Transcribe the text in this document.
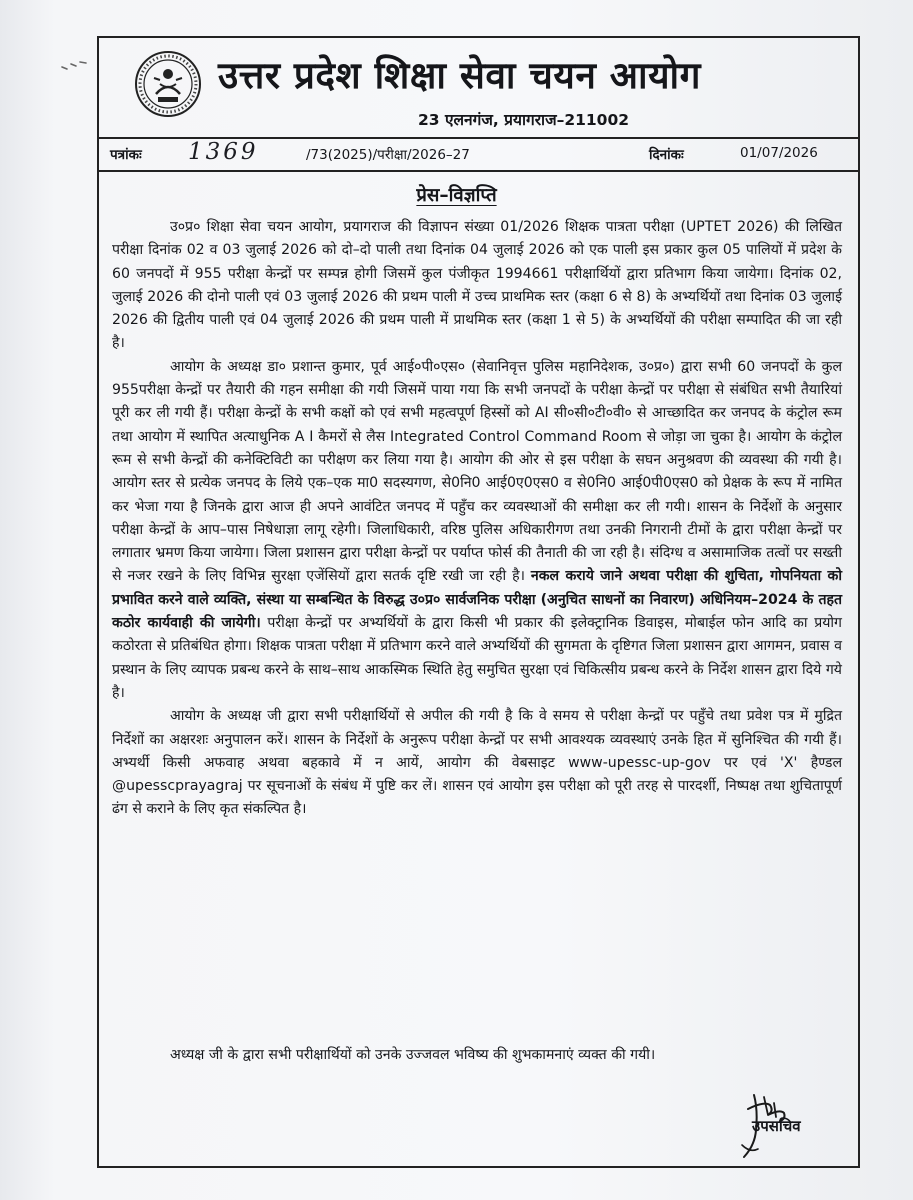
उत्तर प्रदेश शिक्षा सेवा चयन आयोग
23 एलनगंज, प्रयागराज–211002
पत्रांकः 1369	/73(2025)/परीक्षा/2026–27	दिनांकः	01/07/2026
प्रेस–विज्ञप्ति

उ०प्र० शिक्षा सेवा चयन आयोग, प्रयागराज की विज्ञापन संख्या 01/2026 शिक्षक पात्रता परीक्षा (UPTET 2026) की लिखित परीक्षा दिनांक 02 व 03 जुलाई 2026 को दो–दो पाली तथा दिनांक 04 जुलाई 2026 को एक पाली इस प्रकार कुल 05 पालियों में प्रदेश के 60 जनपदों में 955 परीक्षा केन्द्रों पर सम्पन्न होगी जिसमें कुल पंजीकृत 1994661 परीक्षार्थियों द्वारा प्रतिभाग किया जायेगा। दिनांक 02, जुलाई 2026 की दोनो पाली एवं 03 जुलाई 2026 की प्रथम पाली में उच्च प्राथमिक स्तर (कक्षा 6 से 8) के अभ्यर्थियों तथा दिनांक 03 जुलाई 2026 की द्वितीय पाली एवं 04 जुलाई 2026 की प्रथम पाली में प्राथमिक स्तर (कक्षा 1 से 5) के अभ्यर्थियों की परीक्षा सम्पादित की जा रही है।

आयोग के अध्यक्ष डा० प्रशान्त कुमार, पूर्व आई०पी०एस० (सेवानिवृत्त पुलिस महानिदेशक, उ०प्र०) द्वारा सभी 60 जनपदों के कुल 955परीक्षा केन्द्रों पर तैयारी की गहन समीक्षा की गयी जिसमें पाया गया कि सभी जनपदों के परीक्षा केन्द्रों पर परीक्षा से संबंधित सभी तैयारियां पूरी कर ली गयी हैं। परीक्षा केन्द्रों के सभी कक्षों को एवं सभी महत्वपूर्ण हिस्सों को AI सी०सी०टी०वी० से आच्छादित कर जनपद के कंट्रोल रूम तथा आयोग में स्थापित अत्याधुनिक A I कैमरों से लैस Integrated Control Command Room से जोड़ा जा चुका है। आयोग के कंट्रोल रूम से सभी केन्द्रों की कनेक्टिविटी का परीक्षण कर लिया गया है। आयोग की ओर से इस परीक्षा के सघन अनुश्रवण की व्यवस्था की गयी है। आयोग स्तर से प्रत्येक जनपद के लिये एक–एक मा0 सदस्यगण, से0नि0 आई0ए0एस0 व से0नि0 आई0पी0एस0 को प्रेक्षक के रूप में नामित कर भेजा गया है जिनके द्वारा आज ही अपने आवंटित जनपद में पहुँच कर व्यवस्थाओं की समीक्षा कर ली गयी। शासन के निर्देशों के अनुसार परीक्षा केन्द्रों के आप–पास निषेधाज्ञा लागू रहेगी। जिलाधिकारी, वरिष्ठ पुलिस अधिकारीगण तथा उनकी निगरानी टीमों के द्वारा परीक्षा केन्द्रों पर लगातार भ्रमण किया जायेगा। जिला प्रशासन द्वारा परीक्षा केन्द्रों पर पर्याप्त फोर्स की तैनाती की जा रही है। संदिग्ध व असामाजिक तत्वों पर सख्ती से नजर रखने के लिए विभिन्न सुरक्षा एजेंसियों द्वारा सतर्क दृष्टि रखी जा रही है। नकल कराये जाने अथवा परीक्षा की शुचिता, गोपनियता को प्रभावित करने वाले व्यक्ति, संस्था या सम्बन्धित के विरुद्ध उ०प्र० सार्वजनिक परीक्षा (अनुचित साधनों का निवारण) अधिनियम–2024 के तहत कठोर कार्यवाही की जायेगी। परीक्षा केन्द्रों पर अभ्यर्थियों के द्वारा किसी भी प्रकार की इलेक्ट्रानिक डिवाइस, मोबाईल फोन आदि का प्रयोग कठोरता से प्रतिबंधित होगा। शिक्षक पात्रता परीक्षा में प्रतिभाग करने वाले अभ्यर्थियों की सुगमता के दृष्टिगत जिला प्रशासन द्वारा आगमन, प्रवास व प्रस्थान के लिए व्यापक प्रबन्ध करने के साथ–साथ आकस्मिक स्थिति हेतु समुचित सुरक्षा एवं चिकित्सीय प्रबन्ध करने के निर्देश शासन द्वारा दिये गये है।

आयोग के अध्यक्ष जी द्वारा सभी परीक्षार्थियों से अपील की गयी है कि वे समय से परीक्षा केन्द्रों पर पहुँचे तथा प्रवेश पत्र में मुद्रित निर्देशों का अक्षरशः अनुपालन करें। शासन के निर्देशों के अनुरूप परीक्षा केन्द्रों पर सभी आवश्यक व्यवस्थाएं उनके हित में सुनिश्चित की गयी हैं। अभ्यर्थी किसी अफवाह अथवा बहकावे में न आयें, आयोग की वेबसाइट www-upessc-up-gov पर एवं 'X' हैण्डल @upesscprayagraj पर सूचनाओं के संबंध में पुष्टि कर लें। शासन एवं आयोग इस परीक्षा को पूरी तरह से पारदर्शी, निष्पक्ष तथा शुचितापूर्ण ढंग से कराने के लिए कृत संकल्पित है।

अध्यक्ष जी के द्वारा सभी परीक्षार्थियों को उनके उज्जवल भविष्य की शुभकामनाएं व्यक्त की गयी।
उपसचिव
